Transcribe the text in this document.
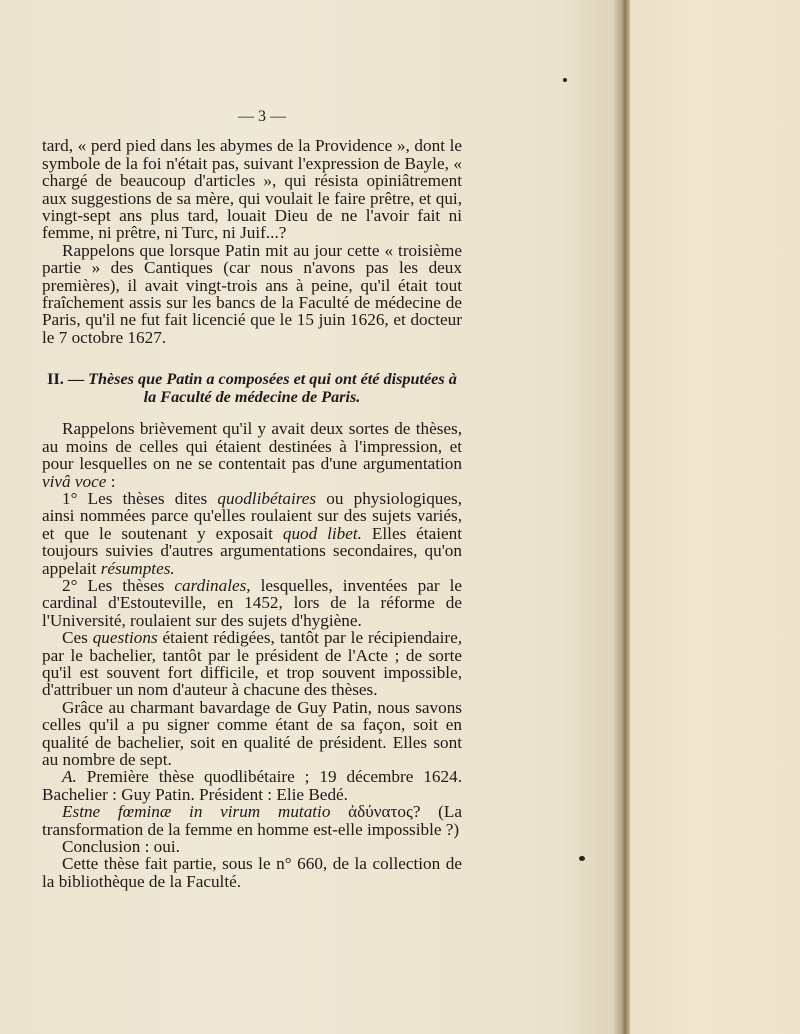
— 3 —

tard, « perd pied dans les abymes de la Providence », dont le symbole de la foi n'était pas, suivant l'expression de Bayle, « chargé de beaucoup d'articles », qui résista opiniâtrement aux suggestions de sa mère, qui voulait le faire prêtre, et qui, vingt-sept ans plus tard, louait Dieu de ne l'avoir fait ni femme, ni prêtre, ni Turc, ni Juif...?

Rappelons que lorsque Patin mit au jour cette « troisième partie » des Cantiques (car nous n'avons pas les deux premières), il avait vingt-trois ans à peine, qu'il était tout fraîchement assis sur les bancs de la Faculté de médecine de Paris, qu'il ne fut fait licencié que le 15 juin 1626, et docteur le 7 octobre 1627.

II. — Thèses que Patin a composées et qui ont été disputées à la Faculté de médecine de Paris.

Rappelons brièvement qu'il y avait deux sortes de thèses, au moins de celles qui étaient destinées à l'impression, et pour lesquelles on ne se contentait pas d'une argumentation vivâ voce :

1° Les thèses dites quodlibétaires ou physiologiques, ainsi nommées parce qu'elles roulaient sur des sujets variés, et que le soutenant y exposait quod libet. Elles étaient toujours suivies d'autres argumentations secondaires, qu'on appelait résumptes.

2° Les thèses cardinales, lesquelles, inventées par le cardinal d'Estouteville, en 1452, lors de la réforme de l'Université, roulaient sur des sujets d'hygiène.

Ces questions étaient rédigées, tantôt par le récipiendaire, par le bachelier, tantôt par le président de l'Acte ; de sorte qu'il est souvent fort difficile, et trop souvent impossible, d'attribuer un nom d'auteur à chacune des thèses.

Grâce au charmant bavardage de Guy Patin, nous savons celles qu'il a pu signer comme étant de sa façon, soit en qualité de bachelier, soit en qualité de président. Elles sont au nombre de sept.

A. Première thèse quodlibétaire ; 19 décembre 1624. Bachelier : Guy Patin. Président : Elie Bedé.

Estne fœminæ in virum mutatio ἀδύνατος? (La transformation de la femme en homme est-elle impossible ?)

Conclusion : oui.

Cette thèse fait partie, sous le n° 660, de la collection de la bibliothèque de la Faculté.
